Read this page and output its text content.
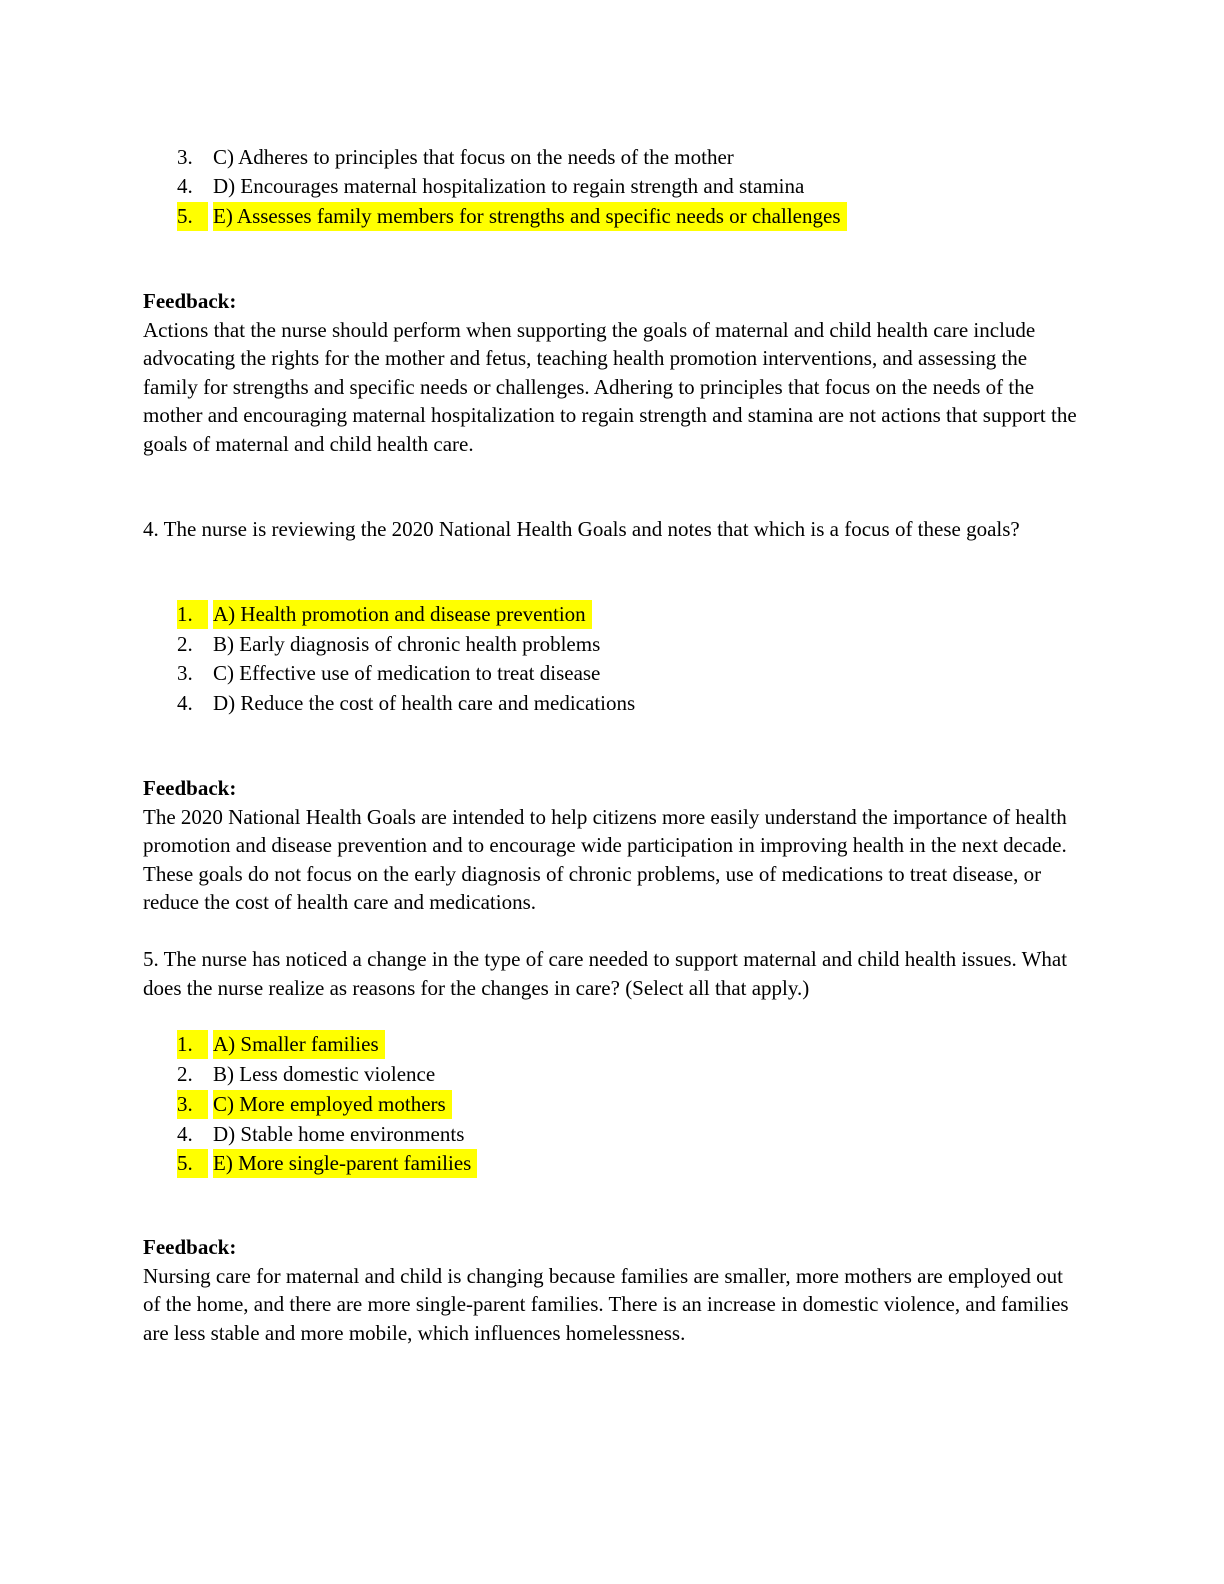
3. C) Adheres to principles that focus on the needs of the mother
4. D) Encourages maternal hospitalization to regain strength and stamina
5. E) Assesses family members for strengths and specific needs or challenges

Feedback:

Actions that the nurse should perform when supporting the goals of maternal and child health care include advocating the rights for the mother and fetus, teaching health promotion interventions, and assessing the family for strengths and specific needs or challenges. Adhering to principles that focus on the needs of the mother and encouraging maternal hospitalization to regain strength and stamina are not actions that support the goals of maternal and child health care.

4. The nurse is reviewing the 2020 National Health Goals and notes that which is a focus of these goals?

1. A) Health promotion and disease prevention
2. B) Early diagnosis of chronic health problems
3. C) Effective use of medication to treat disease
4. D) Reduce the cost of health care and medications

Feedback:

The 2020 National Health Goals are intended to help citizens more easily understand the importance of health promotion and disease prevention and to encourage wide participation in improving health in the next decade. These goals do not focus on the early diagnosis of chronic problems, use of medications to treat disease, or reduce the cost of health care and medications.

5. The nurse has noticed a change in the type of care needed to support maternal and child health issues. What does the nurse realize as reasons for the changes in care? (Select all that apply.)

1. A) Smaller families
2. B) Less domestic violence
3. C) More employed mothers
4. D) Stable home environments
5. E) More single-parent families

Feedback:

Nursing care for maternal and child is changing because families are smaller, more mothers are employed out of the home, and there are more single-parent families. There is an increase in domestic violence, and families are less stable and more mobile, which influences homelessness.
